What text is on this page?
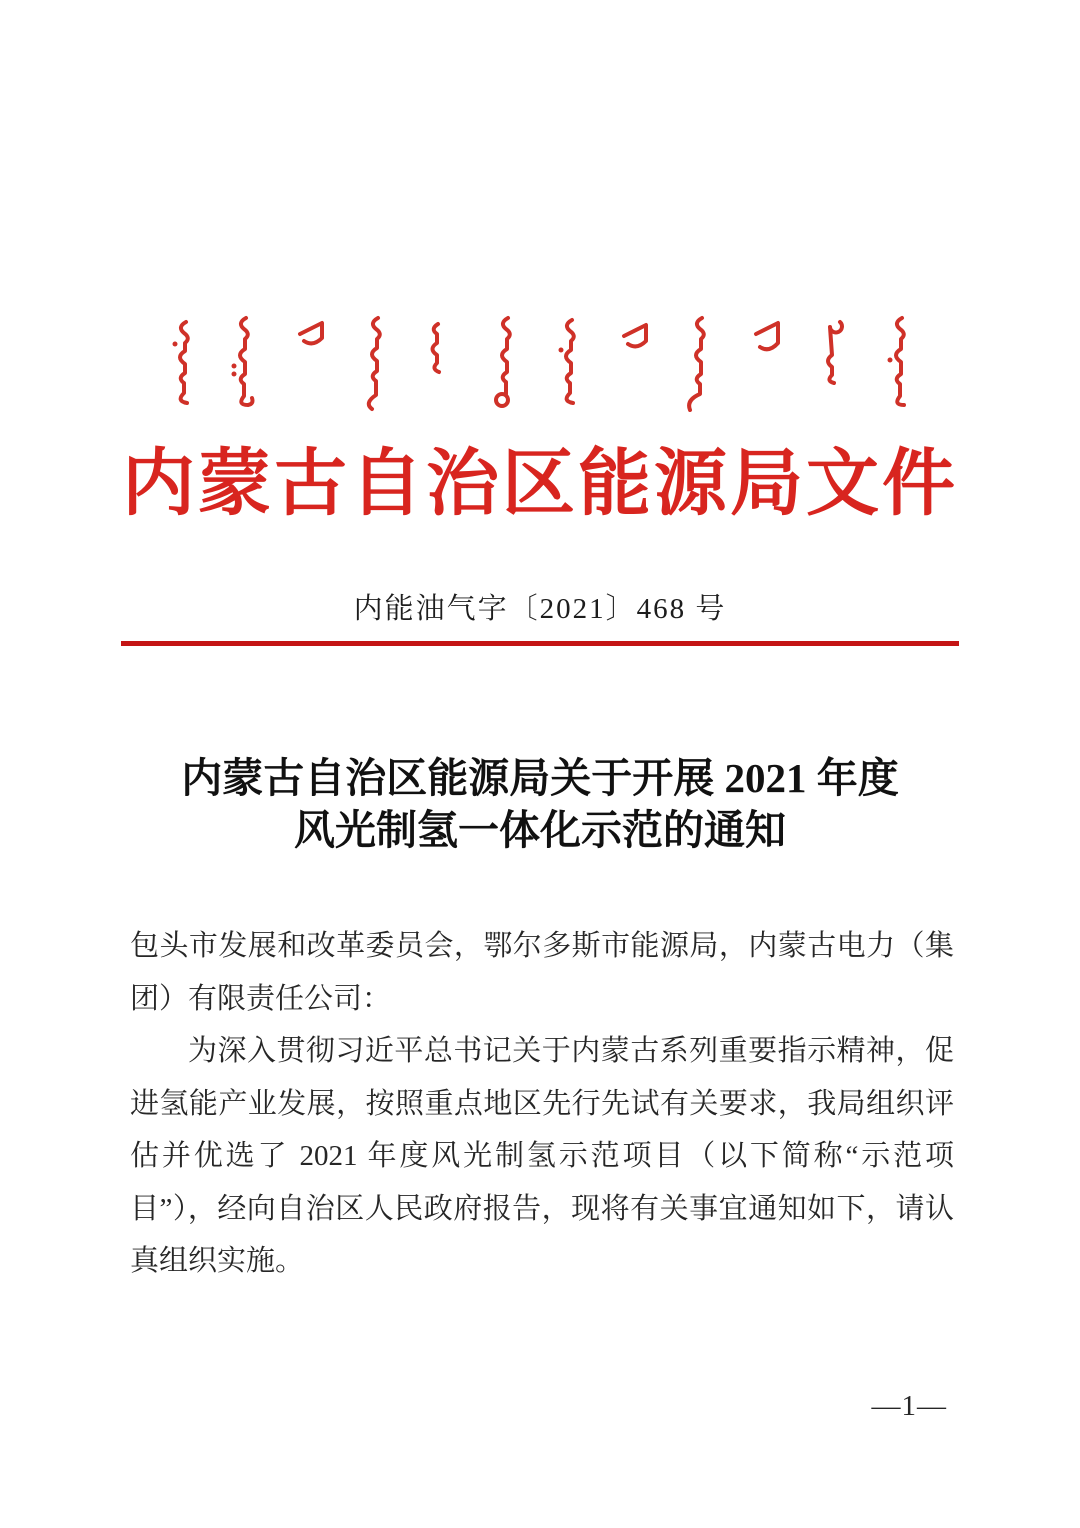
内蒙古自治区能源局文件
内能油气字〔2021〕468 号
内蒙古自治区能源局关于开展 2021 年度
风光制氢一体化示范的通知
包头市发展和改革委员会，鄂尔多斯市能源局，内蒙古电力（集
团）有限责任公司：
为深入贯彻习近平总书记关于内蒙古系列重要指示精神，促
进氢能产业发展，按照重点地区先行先试有关要求，我局组织评
估并优选了 2021 年度风光制氢示范项目（以下简称“示范项
目”），经向自治区人民政府报告，现将有关事宜通知如下，请认
真组织实施。
—1—
